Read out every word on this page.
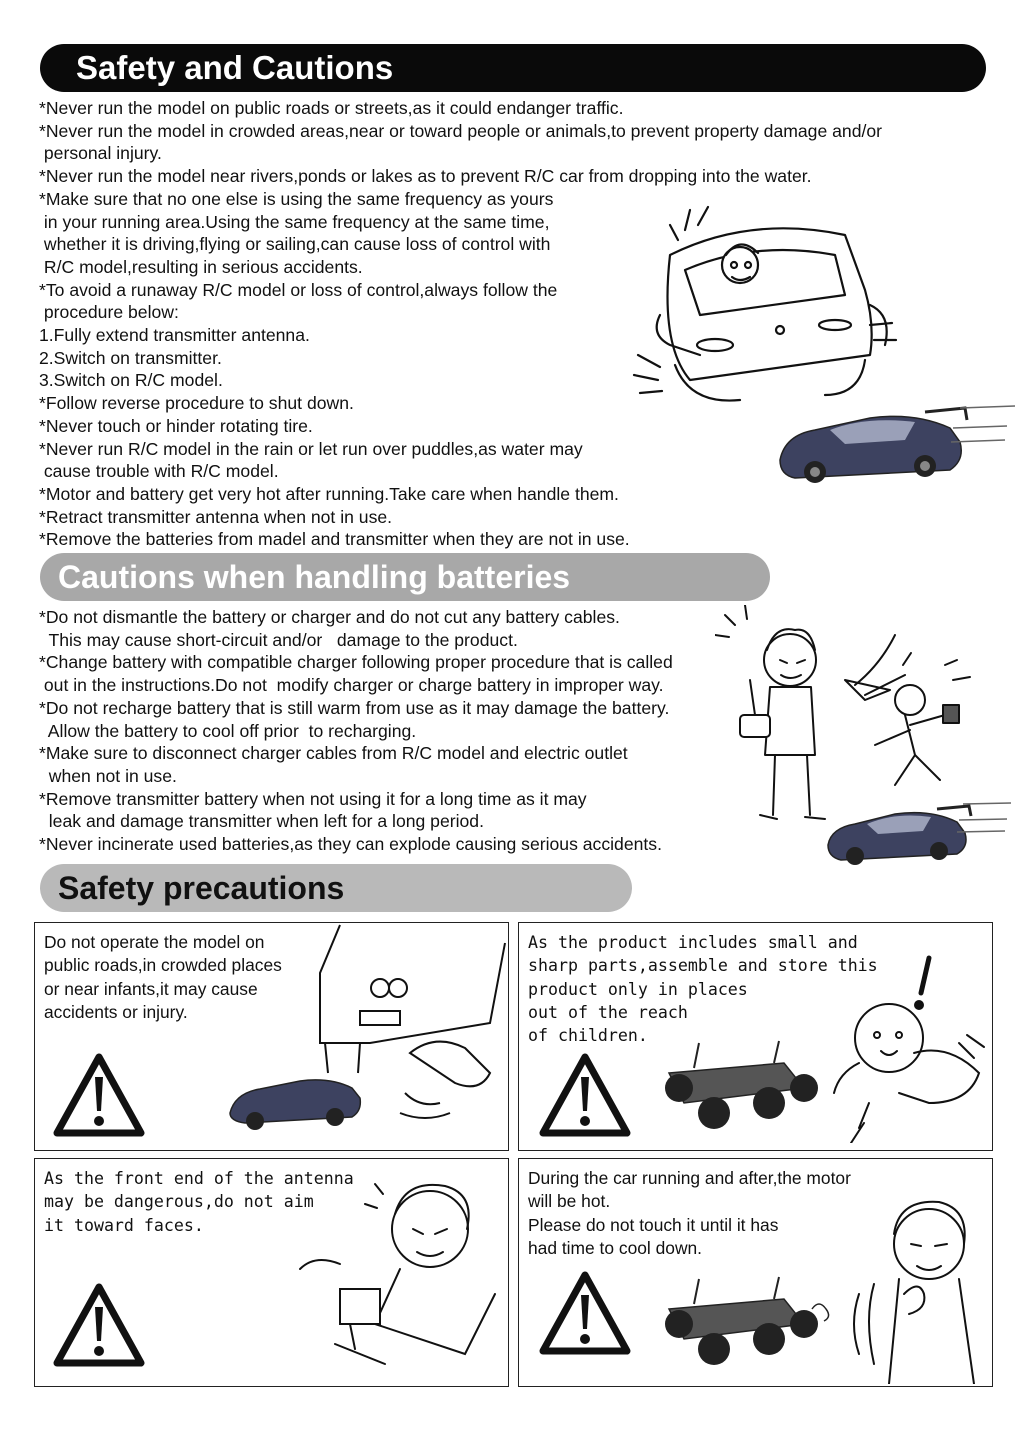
Safety and Cautions
*Never run the model on public roads or streets,as it could endanger traffic.
*Never run the model in crowded areas,near or toward people or animals,to prevent property damage and/or
personal injury.
*Never run the model near rivers,ponds or lakes as to prevent R/C car from dropping into the water.
*Make sure that no one else is using the same frequency as yours
in your running area.Using the same frequency at the same time,
whether it is driving,flying or sailing,can cause loss of control with
R/C model,resulting in serious accidents.
*To avoid a runaway R/C model or loss of control,always follow the
procedure below:
1.Fully extend transmitter antenna.
2.Switch on transmitter.
3.Switch on R/C model.
*Follow reverse procedure to shut down.
*Never touch or hinder rotating tire.
*Never run R/C model in the rain or let run over puddles,as water may
cause trouble with R/C model.
*Motor and battery get very hot after running.Take care when handle them.
*Retract transmitter antenna when not in use.
*Remove the batteries from madel and transmitter when they are not in use.
Cautions when handling batteries
*Do not dismantle the battery or charger and do not cut any battery cables.
This may cause short-circuit and/or   damage to the product.
*Change battery with compatible charger following proper procedure that is called
out in the instructions.Do not  modify charger or charge battery in improper way.
*Do not recharge battery that is still warm from use as it may damage the battery.
Allow the battery to cool off prior  to recharging.
*Make sure to disconnect charger cables from R/C model and electric outlet
when not in use.
*Remove transmitter battery when not using it for a long time as it may
leak and damage transmitter when left for a long period.
*Never incinerate used batteries,as they can explode causing serious accidents.
Safety precautions
Do not operate the model on
public roads,in crowded places
or near infants,it may cause
accidents or injury.
As the product includes small and
sharp parts,assemble and store this
product only in places
out of the reach
of children.
As the front end of the antenna
may be dangerous,do not aim
it toward faces.
During the car running and after,the motor
will be hot.
Please do not touch it until it has
had time to cool down.
